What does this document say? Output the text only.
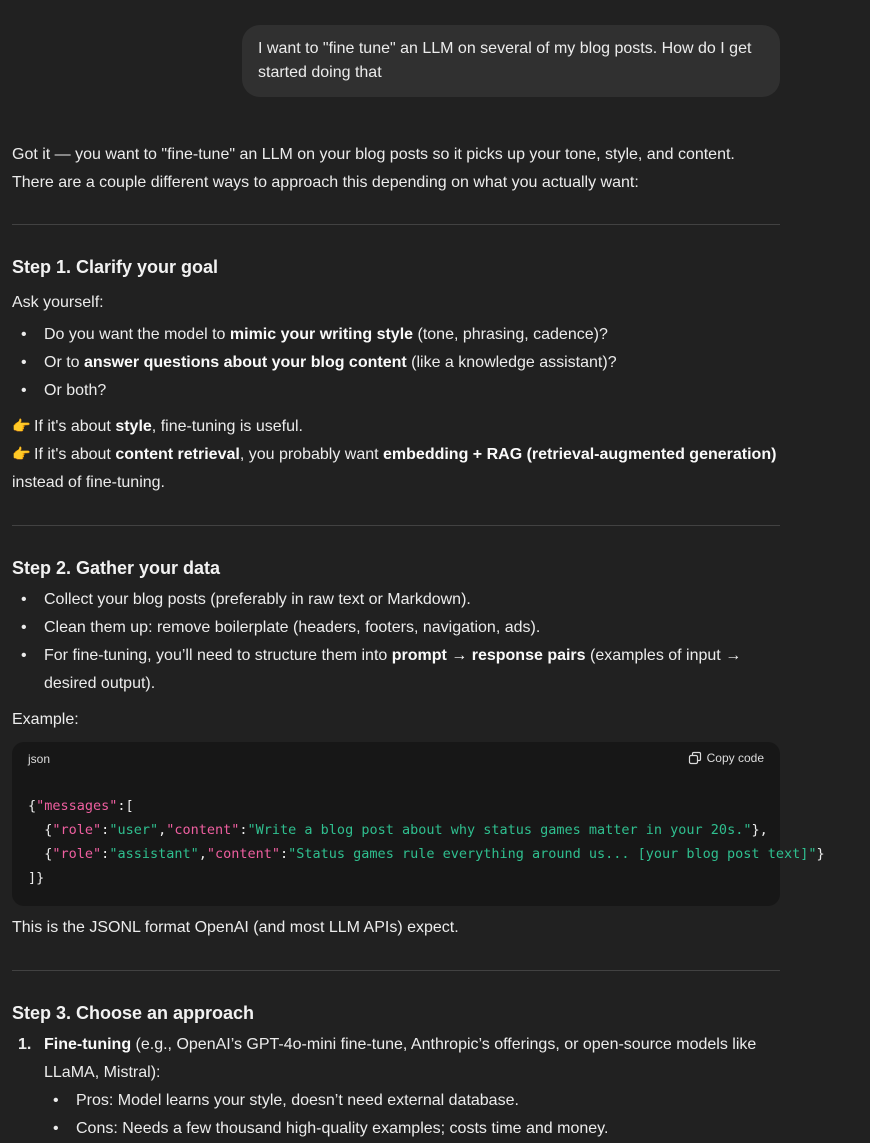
I want to "fine tune" an LLM on several of my blog posts. How do I get started doing that

Got it — you want to "fine-tune" an LLM on your blog posts so it picks up your tone, style, and content. There are a couple different ways to approach this depending on what you actually want:

Step 1. Clarify your goal

Ask yourself:

• Do you want the model to mimic your writing style (tone, phrasing, cadence)?
• Or to answer questions about your blog content (like a knowledge assistant)?
• Or both?

👉 If it's about style, fine-tuning is useful.

👉 If it's about content retrieval, you probably want embedding + RAG (retrieval-augmented generation) instead of fine-tuning.

Step 2. Gather your data
• Collect your blog posts (preferably in raw text or Markdown).
• Clean them up: remove boilerplate (headers, footers, navigation, ads).
• For fine-tuning, you’ll need to structure them into prompt → response pairs (examples of input → desired output).

Example:

json	Copy code
{"messages":[
{"role":"user","content":"Write a blog post about why status games matter in your 20s."},
{"role":"assistant","content":"Status games rule everything around us... [your blog post text]"}
]}

This is the JSONL format OpenAI (and most LLM APIs) expect.

Step 3. Choose an approach
1. Fine-tuning (e.g., OpenAI’s GPT-4o-mini fine-tune, Anthropic’s offerings, or open-source models like LLaMA, Mistral):
• Pros: Model learns your style, doesn’t need external database.
• Cons: Needs a few thousand high-quality examples; costs time and money.
